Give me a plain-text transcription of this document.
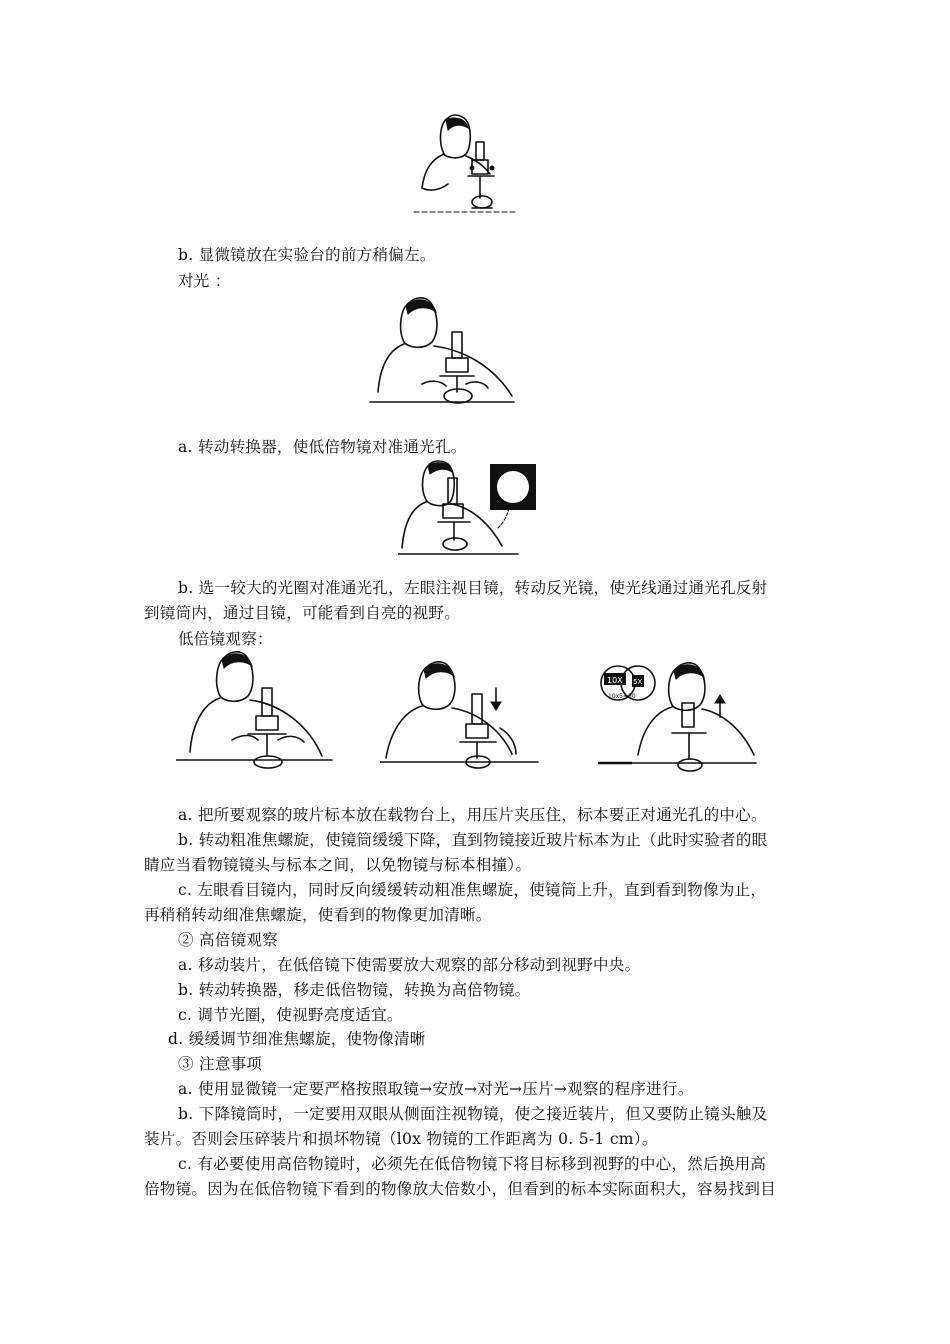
b. 显微镜放在实验台的前方稍偏左。
对光 ：
a. 转动转换器，使低倍物镜对准通光孔。
b. 选一较大的光圈对准通光孔，左眼注视目镜，转动反光镜，使光线通过通光孔反射
到镜筒内，通过目镜，可能看到自亮的视野。
低倍镜观察：
10X 5X
10x5=50
a. 把所要观察的玻片标本放在载物台上，用压片夹压住，标本要正对通光孔的中心。
b. 转动粗准焦螺旋，使镜筒缓缓下降，直到物镜接近玻片标本为止（此时实验者的眼
睛应当看物镜镜头与标本之间，以免物镜与标本相撞）。
c. 左眼看目镜内，同时反向缓缓转动粗准焦螺旋，使镜筒上升，直到看到物像为止，
再稍稍转动细准焦螺旋，使看到的物像更加清晰。
② 高倍镜观察
a. 移动装片，在低倍镜下使需要放大观察的部分移动到视野中央。
b. 转动转换器，移走低倍物镜，转换为高倍物镜。
c. 调节光圈，使视野亮度适宜。
d. 缓缓调节细准焦螺旋，使物像清晰
③ 注意事项
a. 使用显微镜一定要严格按照取镜→安放→对光→压片→观察的程序进行。
b. 下降镜筒时，一定要用双眼从侧面注视物镜，使之接近装片，但又要防止镜头触及
装片。否则会压碎装片和损坏物镜（l0x 物镜的工作距离为 0. 5-1 cm）。
c. 有必要使用高倍物镜时，必须先在低倍物镜下将目标移到视野的中心，然后换用高
倍物镜。因为在低倍物镜下看到的物像放大倍数小，但看到的标本实际面积大，容易找到目
